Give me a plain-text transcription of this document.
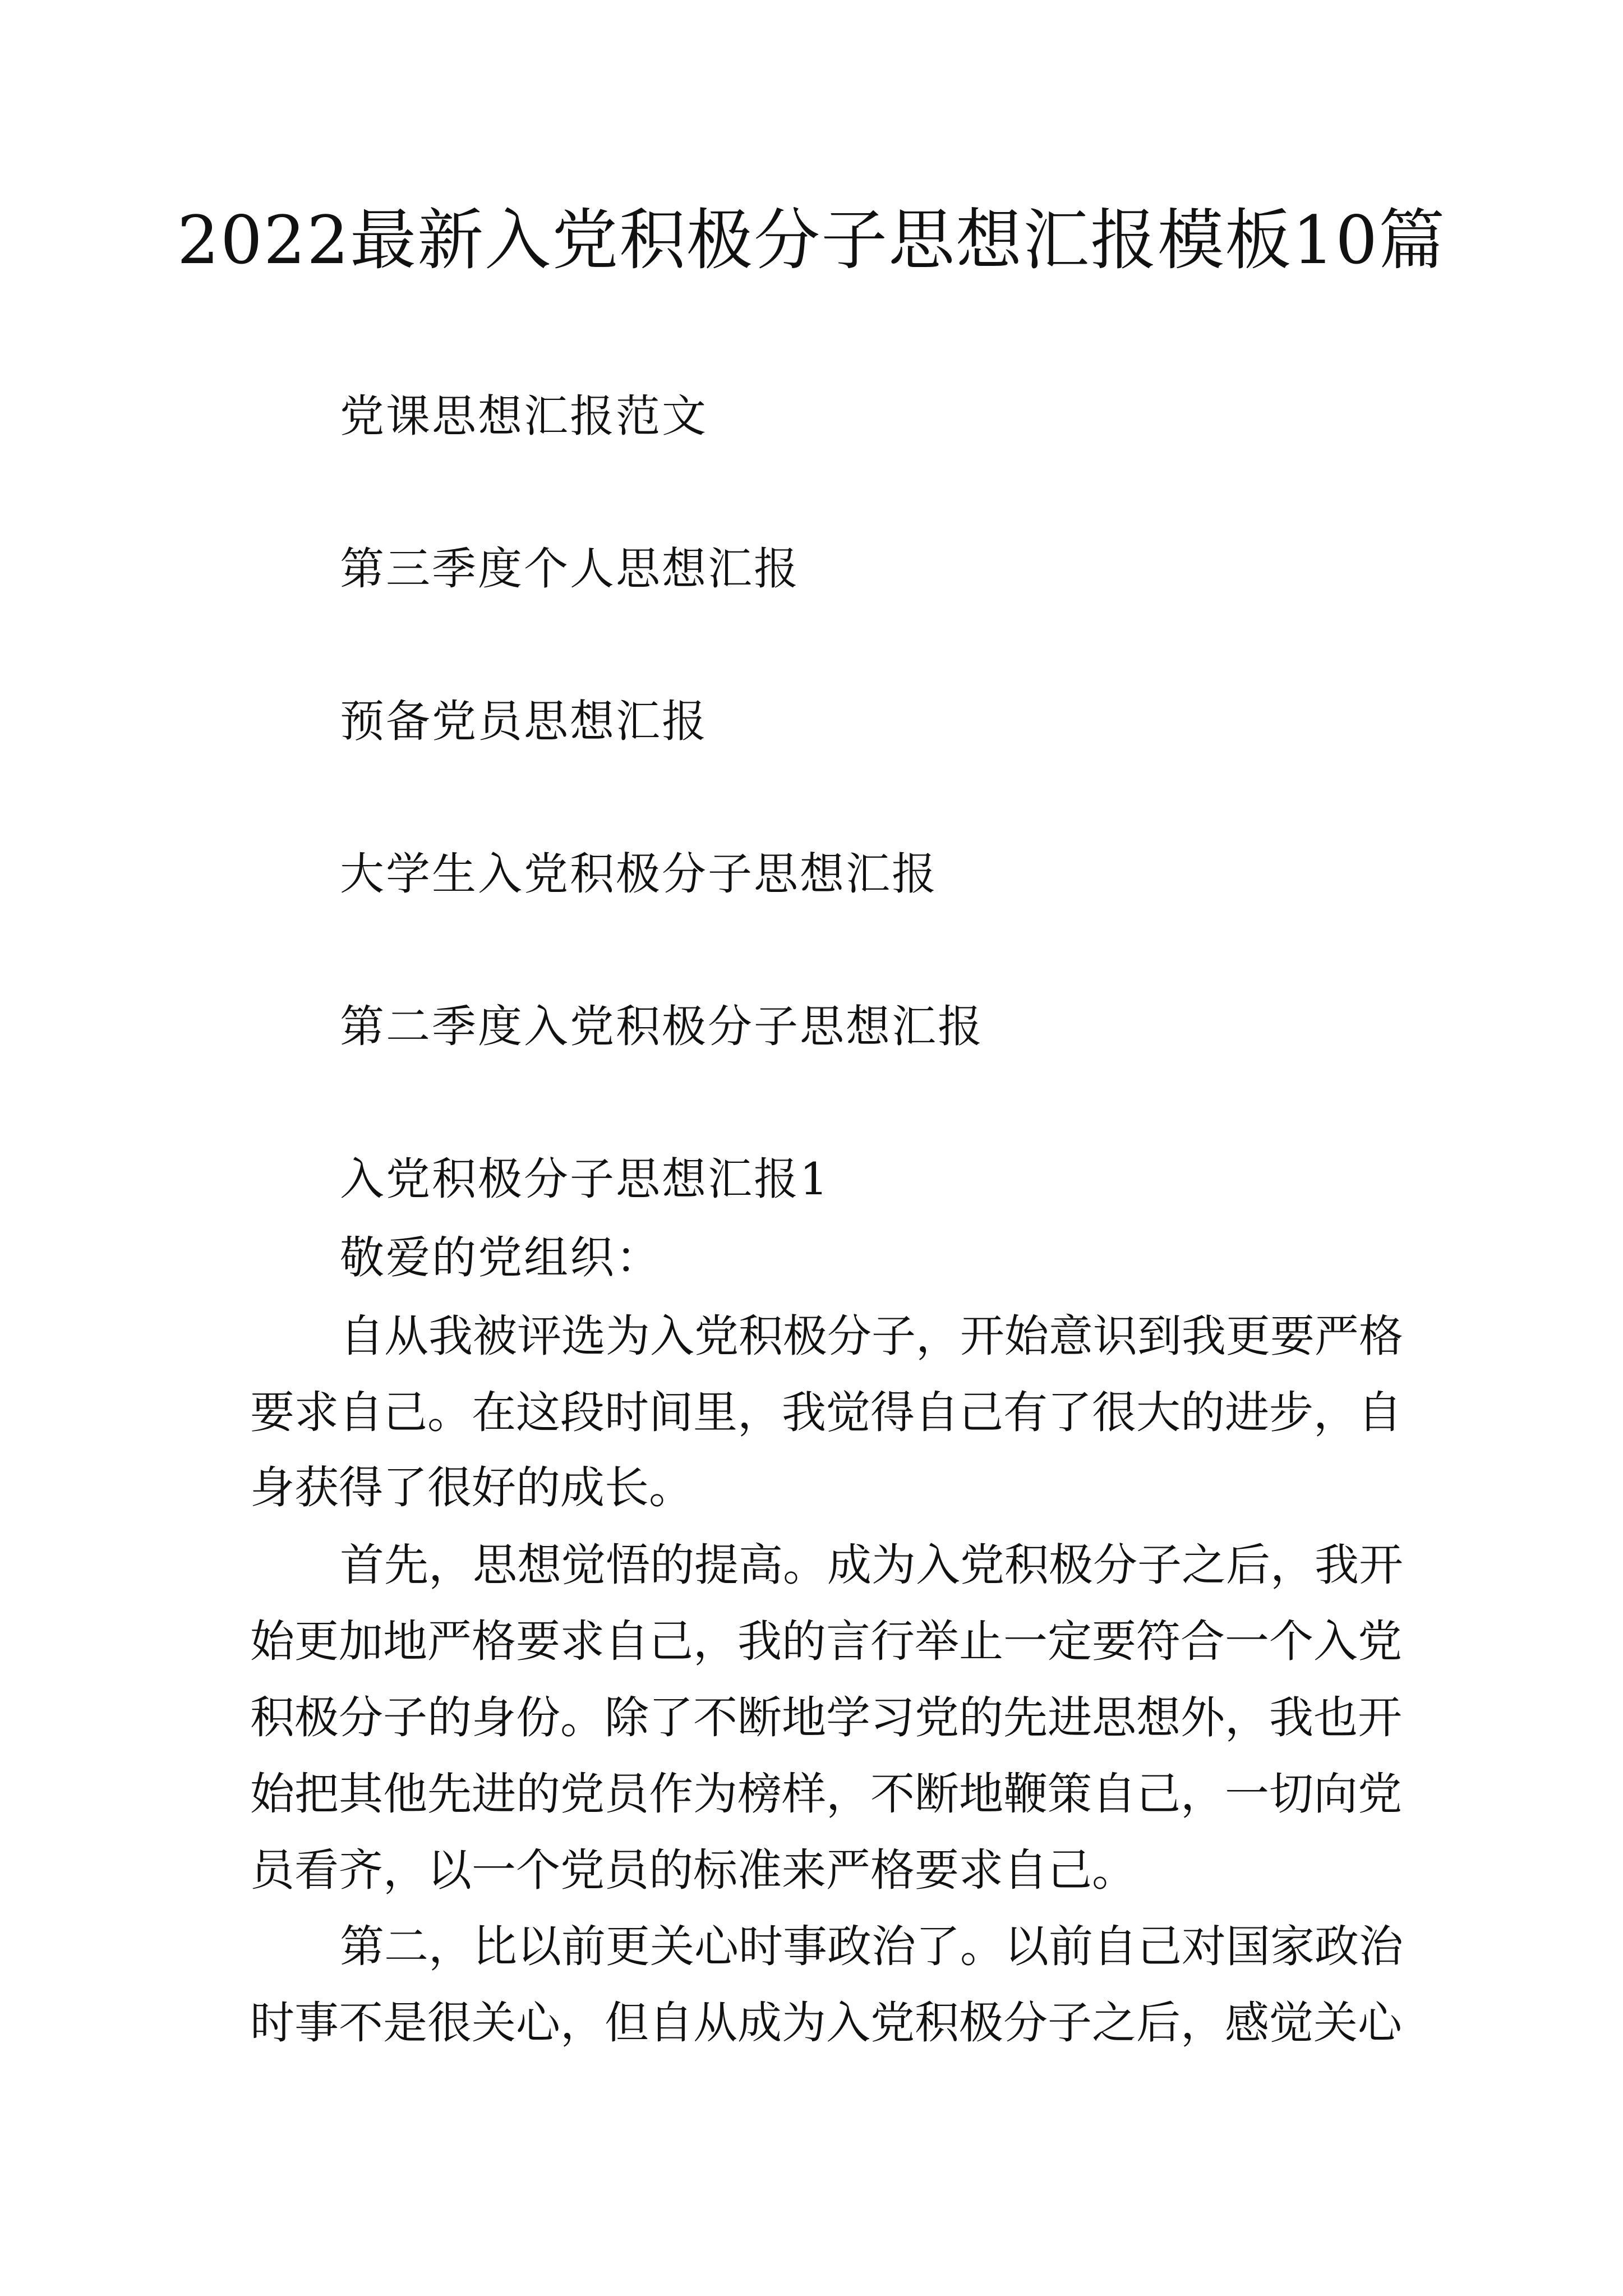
2022最新入党积极分子思想汇报模板10篇
党课思想汇报范文
第三季度个人思想汇报
预备党员思想汇报
大学生入党积极分子思想汇报
第二季度入党积极分子思想汇报
入党积极分子思想汇报1
敬爱的党组织：
自从我被评选为入党积极分子，开始意识到我更要严格
要求自己。在这段时间里，我觉得自己有了很大的进步，自
身获得了很好的成长。
首先，思想觉悟的提高。成为入党积极分子之后，我开
始更加地严格要求自己，我的言行举止一定要符合一个入党
积极分子的身份。除了不断地学习党的先进思想外，我也开
始把其他先进的党员作为榜样，不断地鞭策自己，一切向党
员看齐，以一个党员的标准来严格要求自己。
第二，比以前更关心时事政治了。以前自己对国家政治
时事不是很关心，但自从成为入党积极分子之后，感觉关心
